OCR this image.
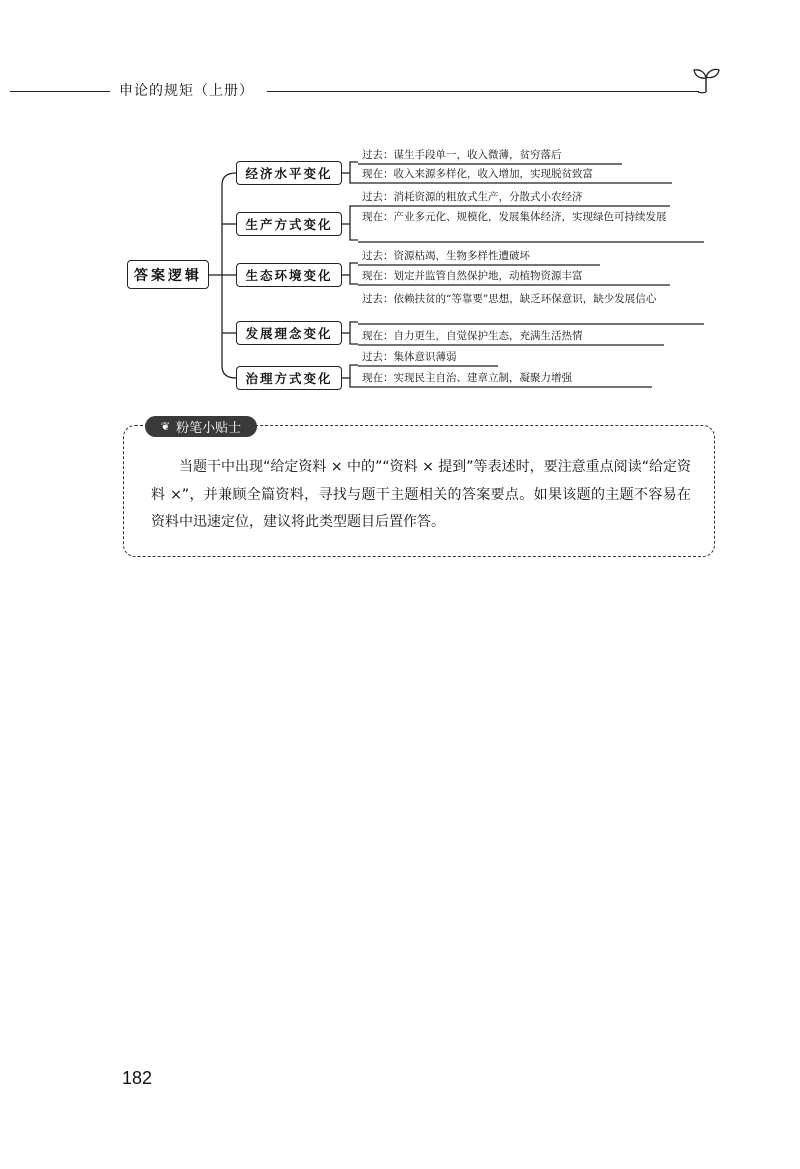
申论的规矩（上册）
答案逻辑
经济水平变化
生产方式变化
生态环境变化
发展理念变化
治理方式变化
过去：谋生手段单一，收入微薄，贫穷落后
现在：收入来源多样化，收入增加，实现脱贫致富
过去：消耗资源的粗放式生产，分散式小农经济
现在：产业多元化、规模化，发展集体经济，实现绿色可持续发展
过去：资源枯竭，生物多样性遭破坏
现在：划定并监管自然保护地，动植物资源丰富
过去：依赖扶贫的“等靠要”思想，缺乏环保意识，缺少发展信心
现在：自力更生，自觉保护生态，充满生活热情
过去：集体意识薄弱
现在：实现民主自治、建章立制，凝聚力增强
❦ 粉笔小贴士
当题干中出现“给定资料 × 中的”“资料 × 提到”等表述时，要注意重点阅读“给定资料 ×”，并兼顾全篇资料，寻找与题干主题相关的答案要点。如果该题的主题不容易在资料中迅速定位，建议将此类型题目后置作答。
182
